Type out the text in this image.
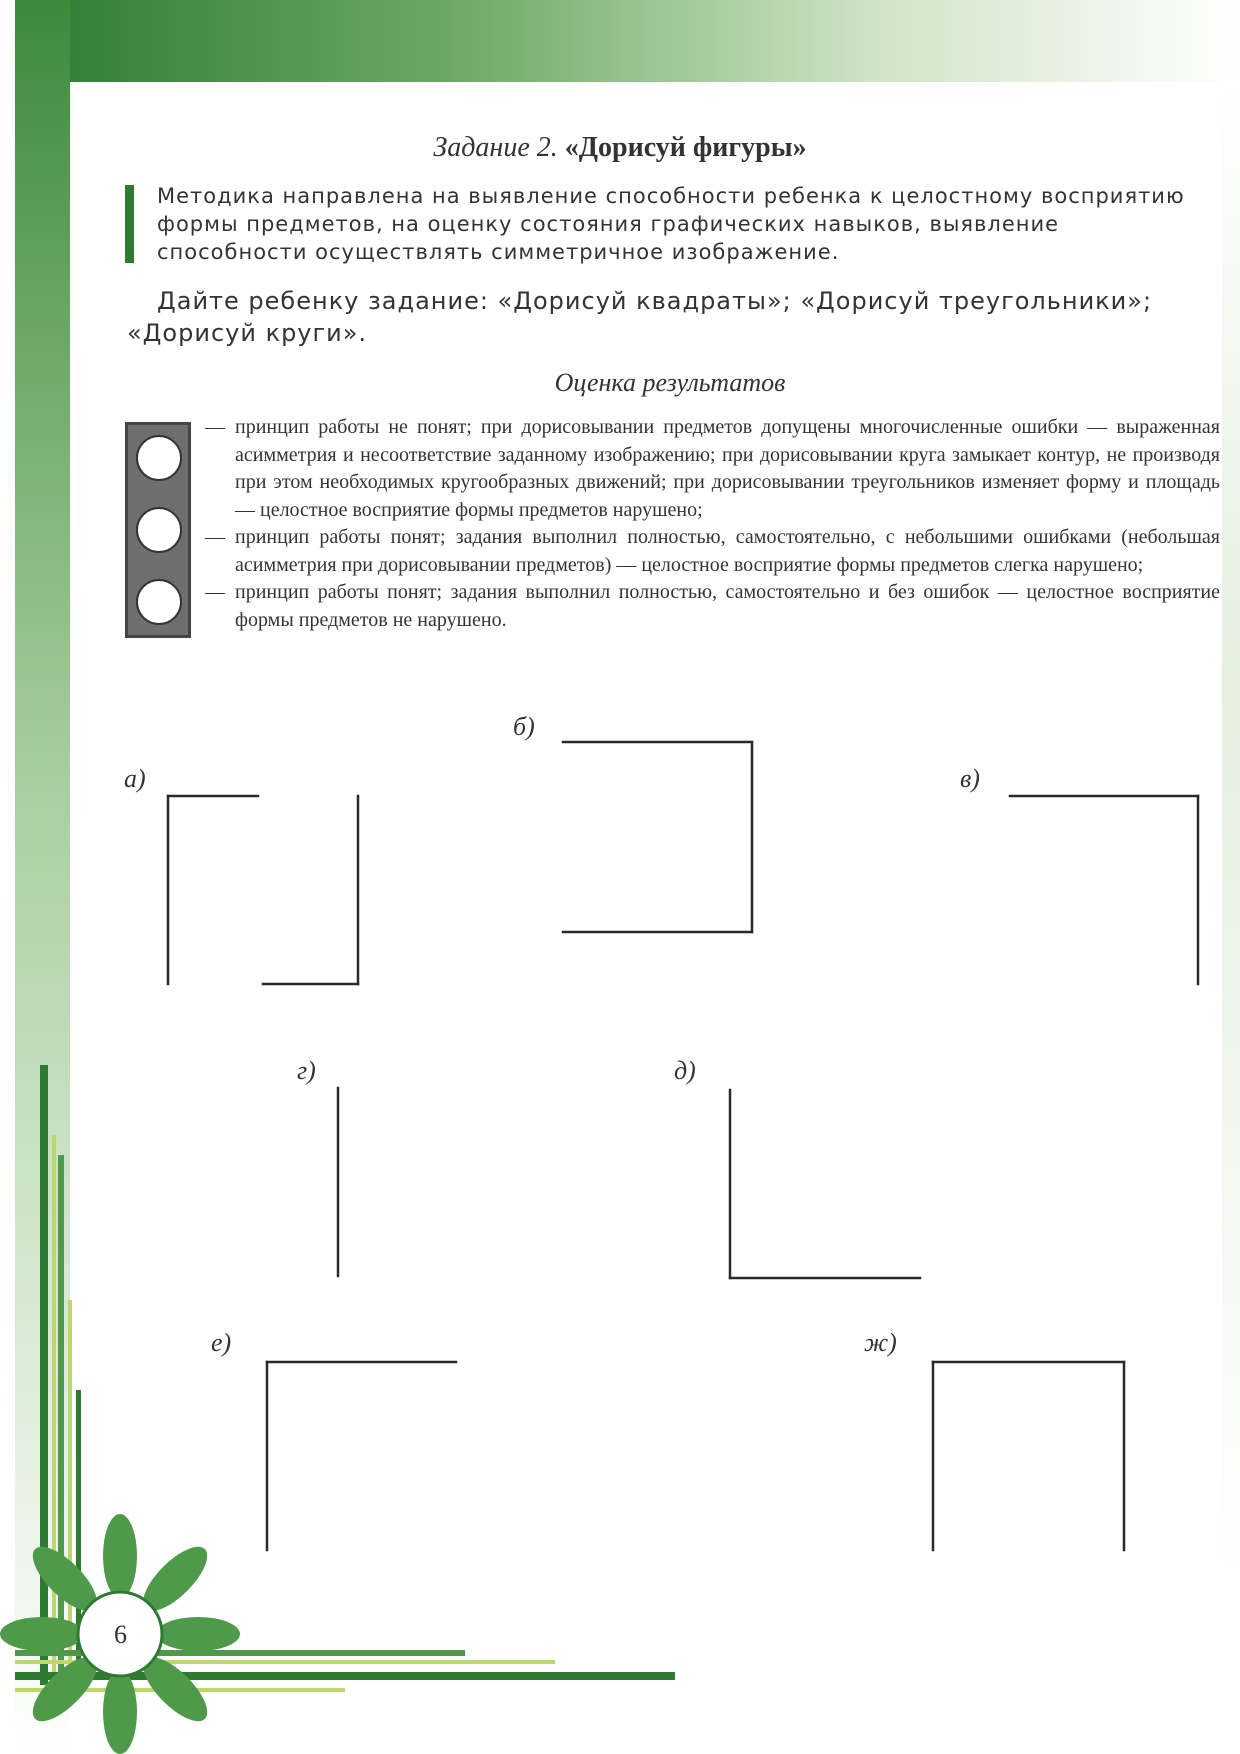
Задание 2. «Дорисуй фигуры»
Методика направлена на выявление способности ребенка к целостному восприятию формы предметов, на оценку состояния графических навыков, выявление способности осуществлять симметричное изображение.
Дайте ребенку задание: «Дорисуй квадраты»; «Дорисуй треугольники»; «Дорисуй круги».
Оценка результатов
— принцип работы не понят; при дорисовывании предметов допущены многочисленные ошибки — выраженная асимметрия и несоответствие заданному изображению; при дорисовывании круга замыкает контур, не производя при этом необходимых кругообразных движений; при дорисовывании треугольников изменяет форму и площадь — целостное восприятие формы предметов нарушено;
— принцип работы понят; задания выполнил полностью, самостоятельно, с небольшими ошибками (небольшая асимметрия при дорисовывании предметов) — целостное восприятие формы предметов слегка нарушено;
— принцип работы понят; задания выполнил полностью, самостоятельно и без ошибок — целостное восприятие формы предметов не нарушено.
а)
б)
в)
г)	д)
е)	ж)
6
